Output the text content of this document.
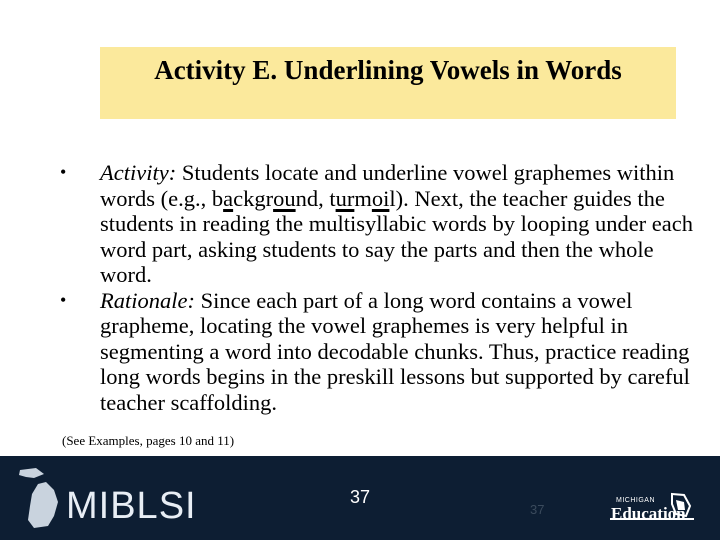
Activity E. Underlining Vowels in Words
• Activity: Students locate and underline vowel graphemes within words (e.g., background, turmoil). Next, the teacher guides the students in reading the multisyllabic words by looping under each word part, asking students to say the parts and then the whole word.
• Rationale: Since each part of a long word contains a vowel grapheme, locating the vowel graphemes is very helpful in segmenting a word into decodable chunks. Thus, practice reading long words begins in the preskill lessons but supported by careful teacher scaffolding.
(See Examples, pages 10 and 11)
MIBLSI	37
37
MICHIGAN
Education
